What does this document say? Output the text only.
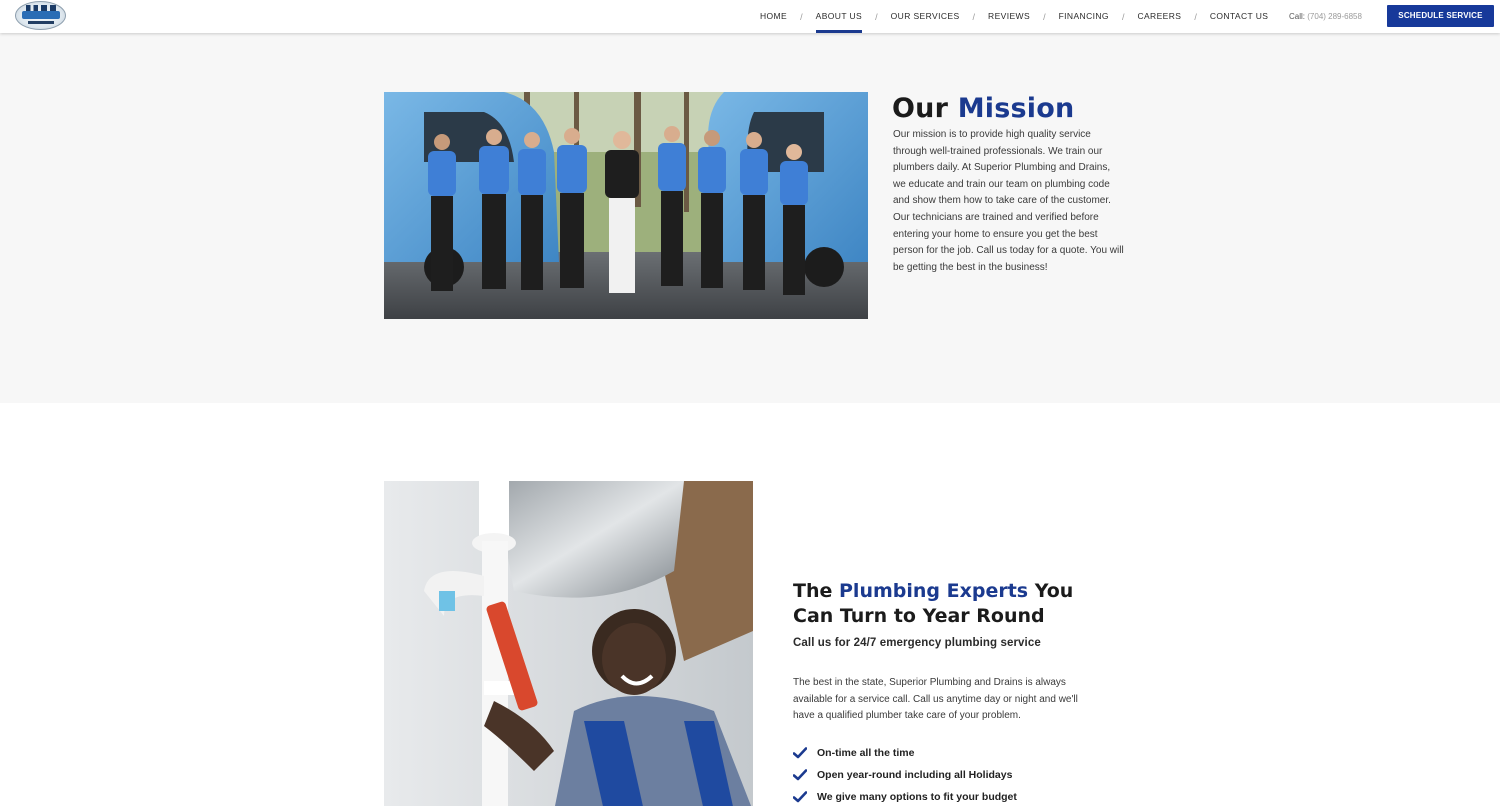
HOME / ABOUT US / OUR SERVICES / REVIEWS / FINANCING / CAREERS / CONTACT US	Call: (704) 289-6858	SCHEDULE SERVICE
Our Mission

Our mission is to provide high quality service through well-trained professionals. We train our plumbers daily. At Superior Plumbing and Drains, we educate and train our team on plumbing code and show them how to take care of the customer. Our technicians are trained and verified before entering your home to ensure you get the best person for the job. Call us today for a quote. You will be getting the best in the business!

The Plumbing Experts You Can Turn to Year Round

Call us for 24/7 emergency plumbing service

The best in the state, Superior Plumbing and Drains is always available for a service call. Call us anytime day or night and we'll have a qualified plumber take care of your problem.

On-time all the time
Open year-round including all Holidays
We give many options to fit your budget
